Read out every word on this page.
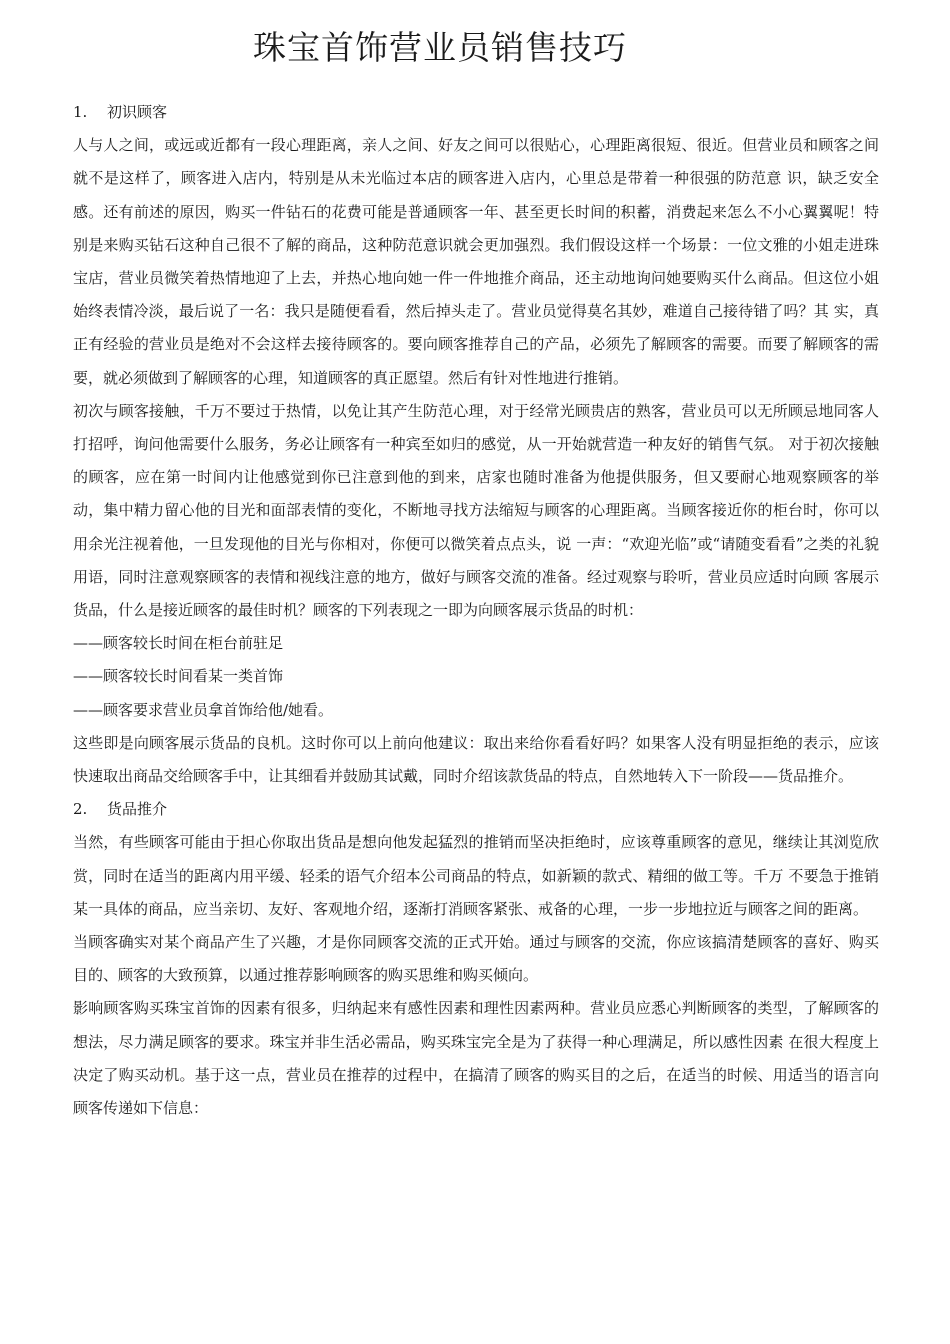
珠宝首饰营业员销售技巧

1. 初识顾客

人与人之间，或远或近都有一段心理距离，亲人之间、好友之间可以很贴心，心理距离很短、很近。但营业员和顾客之间就不是这样了，顾客进入店内，特别是从未光临过本店的顾客进入店内，心里总是带着一种很强的防范意 识，缺乏安全感。还有前述的原因，购买一件钻石的花费可能是普通顾客一年、甚至更长时间的积蓄，消费起来怎么不小心翼翼呢！特别是来购买钻石这种自己很不了解的商品，这种防范意识就会更加强烈。我们假设这样一个场景：一位文雅的小姐走进珠宝店，营业员微笑着热情地迎了上去，并热心地向她一件一件地推介商品，还主动地询问她要购买什么商品。但这位小姐始终表情冷淡，最后说了一名：我只是随便看看，然后掉头走了。营业员觉得莫名其妙，难道自己接待错了吗？其 实，真正有经验的营业员是绝对不会这样去接待顾客的。要向顾客推荐自己的产品，必须先了解顾客的需要。而要了解顾客的需要，就必须做到了解顾客的心理，知道顾客的真正愿望。然后有针对性地进行推销。

初次与顾客接触，千万不要过于热情，以免让其产生防范心理，对于经常光顾贵店的熟客，营业员可以无所顾忌地同客人打招呼，询问他需要什么服务，务必让顾客有一种宾至如归的感觉，从一开始就营造一种友好的销售气氛。 对于初次接触的顾客，应在第一时间内让他感觉到你已注意到他的到来，店家也随时准备为他提供服务，但又要耐心地观察顾客的举动，集中精力留心他的目光和面部表情的变化，不断地寻找方法缩短与顾客的心理距离。当顾客接近你的柜台时，你可以用余光注视着他，一旦发现他的目光与你相对，你便可以微笑着点点头，说 一声：“欢迎光临”或“请随变看看”之类的礼貌用语，同时注意观察顾客的表情和视线注意的地方，做好与顾客交流的准备。经过观察与聆听，营业员应适时向顾 客展示货品，什么是接近顾客的最佳时机？顾客的下列表现之一即为向顾客展示货品的时机：

——顾客较长时间在柜台前驻足

——顾客较长时间看某一类首饰

——顾客要求营业员拿首饰给他/她看。

这些即是向顾客展示货品的良机。这时你可以上前向他建议：取出来给你看看好吗？如果客人没有明显拒绝的表示，应该快速取出商品交给顾客手中，让其细看并鼓励其试戴，同时介绍该款货品的特点，自然地转入下一阶段——货品推介。

2. 货品推介

当然，有些顾客可能由于担心你取出货品是想向他发起猛烈的推销而坚决拒绝时，应该尊重顾客的意见，继续让其浏览欣赏，同时在适当的距离内用平缓、轻柔的语气介绍本公司商品的特点，如新颖的款式、精细的做工等。千万 不要急于推销某一具体的商品，应当亲切、友好、客观地介绍，逐渐打消顾客紧张、戒备的心理，一步一步地拉近与顾客之间的距离。

当顾客确实对某个商品产生了兴趣，才是你同顾客交流的正式开始。通过与顾客的交流，你应该搞清楚顾客的喜好、购买目的、顾客的大致预算，以通过推荐影响顾客的购买思维和购买倾向。

影响顾客购买珠宝首饰的因素有很多，归纳起来有感性因素和理性因素两种。营业员应悉心判断顾客的类型，了解顾客的想法，尽力满足顾客的要求。珠宝并非生活必需品，购买珠宝完全是为了获得一种心理满足，所以感性因素 在很大程度上决定了购买动机。基于这一点，营业员在推荐的过程中，在搞清了顾客的购买目的之后，在适当的时候、用适当的语言向顾客传递如下信息：
